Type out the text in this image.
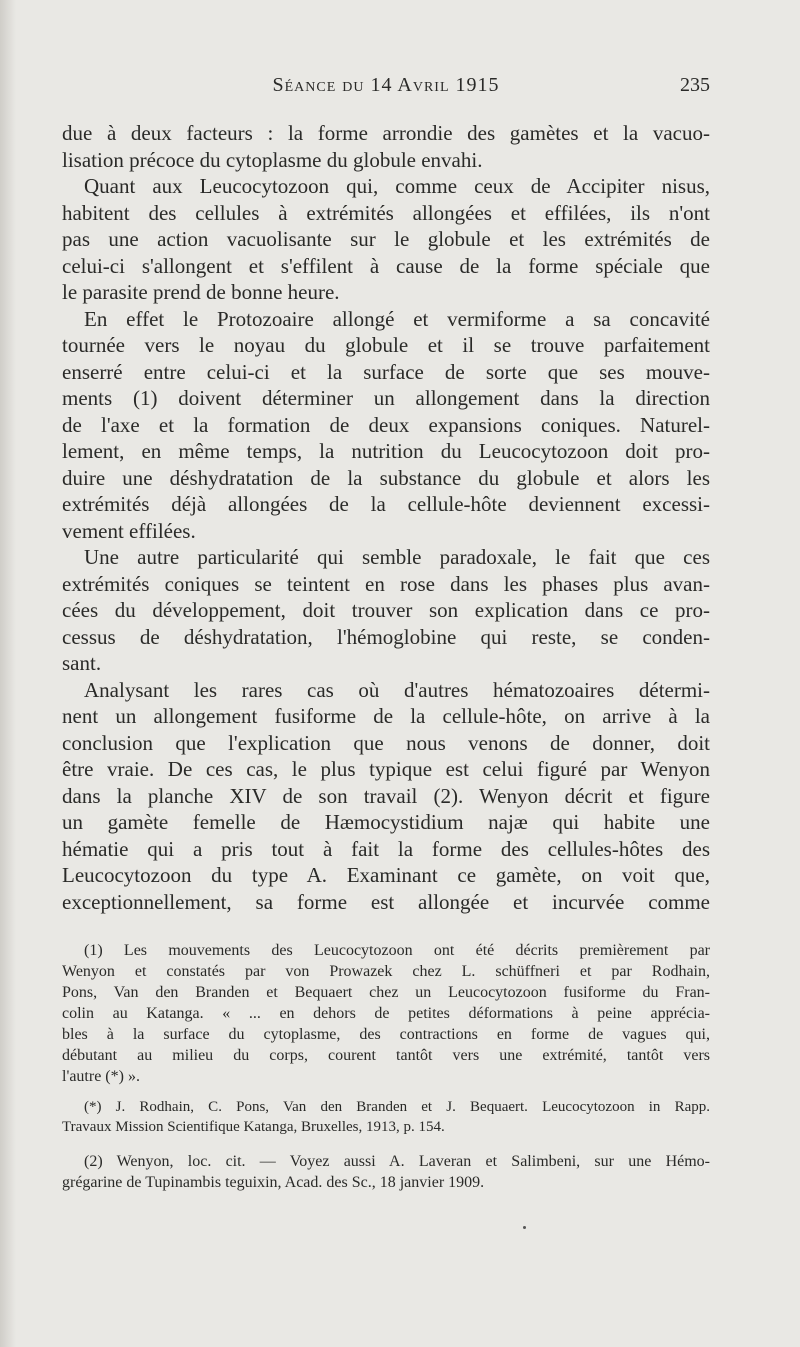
Séance du 14 Avril 1915	235
due à deux facteurs : la forme arrondie des gamètes et la vacuo-
lisation précoce du cytoplasme du globule envahi.
Quant aux Leucocytozoon qui, comme ceux de Accipiter nisus,
habitent des cellules à extrémités allongées et effilées, ils n'ont
pas une action vacuolisante sur le globule et les extrémités de
celui-ci s'allongent et s'effilent à cause de la forme spéciale que
le parasite prend de bonne heure.
En effet le Protozoaire allongé et vermiforme a sa concavité
tournée vers le noyau du globule et il se trouve parfaitement
enserré entre celui-ci et la surface de sorte que ses mouve-
ments (1) doivent déterminer un allongement dans la direction
de l'axe et la formation de deux expansions coniques. Naturel-
lement, en même temps, la nutrition du Leucocytozoon doit pro-
duire une déshydratation de la substance du globule et alors les
extrémités déjà allongées de la cellule-hôte deviennent excessi-
vement effilées.
Une autre particularité qui semble paradoxale, le fait que ces
extrémités coniques se teintent en rose dans les phases plus avan-
cées du développement, doit trouver son explication dans ce pro-
cessus de déshydratation, l'hémoglobine qui reste, se conden-
sant.
Analysant les rares cas où d'autres hématozoaires détermi-
nent un allongement fusiforme de la cellule-hôte, on arrive à la
conclusion que l'explication que nous venons de donner, doit
être vraie. De ces cas, le plus typique est celui figuré par Wenyon
dans la planche XIV de son travail (2). Wenyon décrit et figure
un gamète femelle de Hæmocystidium najæ qui habite une
hématie qui a pris tout à fait la forme des cellules-hôtes des
Leucocytozoon du type A. Examinant ce gamète, on voit que,
exceptionnellement, sa forme est allongée et incurvée comme
(1) Les mouvements des Leucocytozoon ont été décrits premièrement par
Wenyon et constatés par von Prowazek chez L. schüffneri et par Rodhain,
Pons, Van den Branden et Bequaert chez un Leucocytozoon fusiforme du Fran-
colin au Katanga. « ... en dehors de petites déformations à peine apprécia-
bles à la surface du cytoplasme, des contractions en forme de vagues qui,
débutant au milieu du corps, courent tantôt vers une extrémité, tantôt vers
l'autre (*) ».
(*) J. Rodhain, C. Pons, Van den Branden et J. Bequaert. Leucocytozoon in Rapp.
Travaux Mission Scientifique Katanga, Bruxelles, 1913, p. 154.
(2) Wenyon, loc. cit. — Voyez aussi A. Laveran et Salimbeni, sur une Hémo-
grégarine de Tupinambis teguixin, Acad. des Sc., 18 janvier 1909.
